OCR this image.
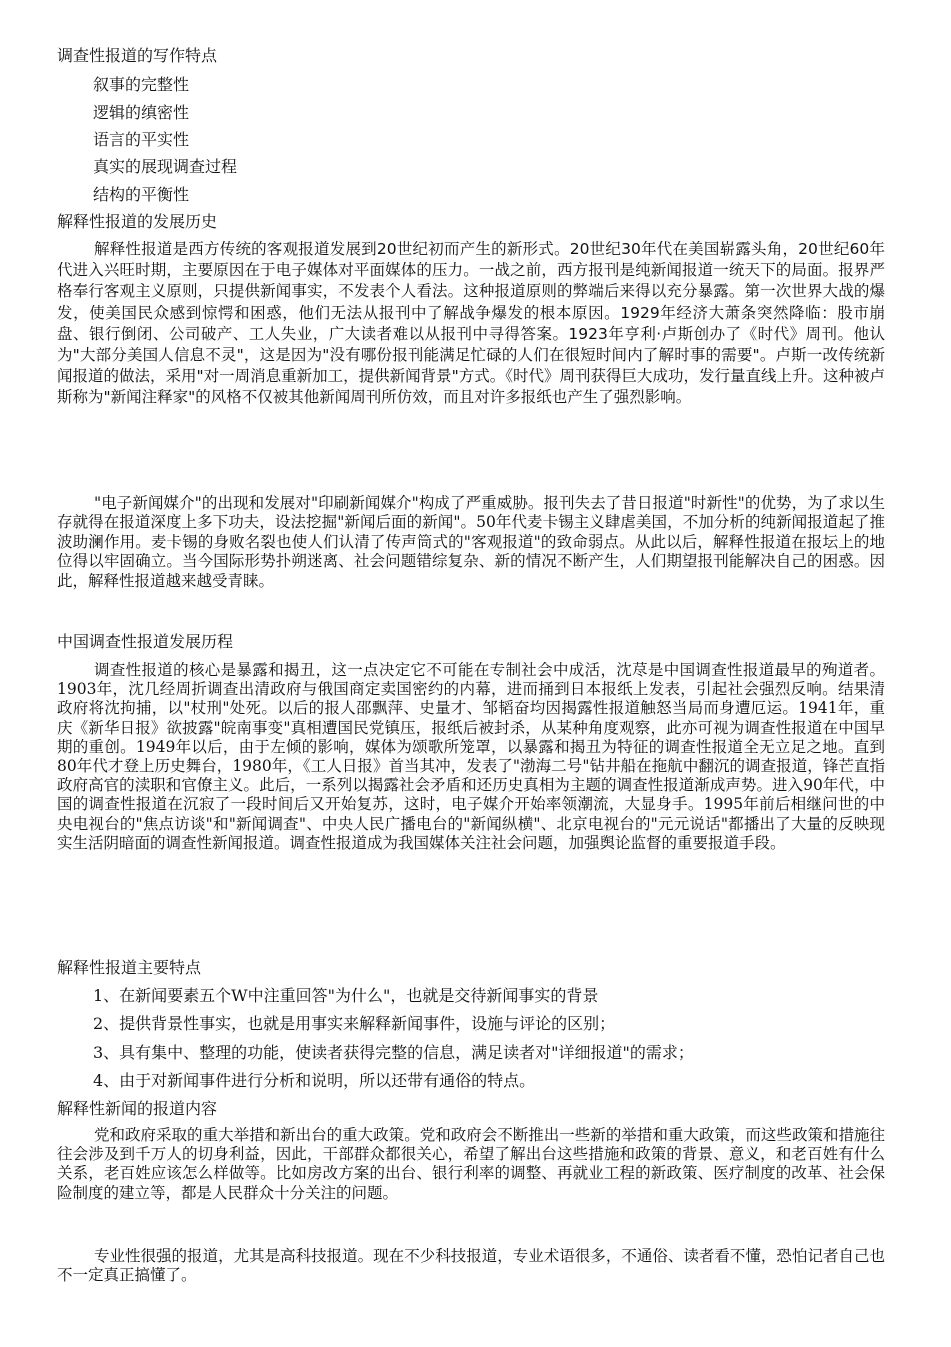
调查性报道的写作特点
叙事的完整性
逻辑的缜密性
语言的平实性
真实的展现调查过程
结构的平衡性
解释性报道的发展历史
解释性报道是西方传统的客观报道发展到20世纪初而产生的新形式。20世纪30年代在美国崭露头角，20世纪60年代进入兴旺时期，主要原因在于电子媒体对平面媒体的压力。一战之前，西方报刊是纯新闻报道一统天下的局面。报界严格奉行客观主义原则，只提供新闻事实，不发表个人看法。这种报道原则的弊端后来得以充分暴露。第一次世界大战的爆发，使美国民众感到惊愕和困惑，他们无法从报刊中了解战争爆发的根本原因。1929年经济大萧条突然降临：股市崩盘、银行倒闭、公司破产、工人失业，广大读者难以从报刊中寻得答案。1923年亨利·卢斯创办了《时代》周刊。他认为"大部分美国人信息不灵"，这是因为"没有哪份报刊能满足忙碌的人们在很短时间内了解时事的需要"。卢斯一改传统新闻报道的做法，采用"对一周消息重新加工，提供新闻背景"方式。《时代》周刊获得巨大成功，发行量直线上升。这种被卢斯称为"新闻注释家"的风格不仅被其他新闻周刊所仿效，而且对许多报纸也产生了强烈影响。
"电子新闻媒介"的出现和发展对"印刷新闻媒介"构成了严重威胁。报刊失去了昔日报道"时新性"的优势，为了求以生存就得在报道深度上多下功夫，设法挖掘"新闻后面的新闻"。50年代麦卡锡主义肆虐美国，不加分析的纯新闻报道起了推波助澜作用。麦卡锡的身败名裂也使人们认清了传声筒式的"客观报道"的致命弱点。从此以后，解释性报道在报坛上的地位得以牢固确立。当今国际形势扑朔迷离、社会问题错综复杂、新的情况不断产生，人们期望报刊能解决自己的困惑。因此，解释性报道越来越受青睐。
中国调查性报道发展历程
调查性报道的核心是暴露和揭丑，这一点决定它不可能在专制社会中成活，沈荩是中国调查性报道最早的殉道者。1903年，沈几经周折调查出清政府与俄国商定卖国密约的内幕，进而捅到日本报纸上发表，引起社会强烈反响。结果清政府将沈拘捕，以"杖刑"处死。以后的报人邵飘萍、史量才、邹韬奋均因揭露性报道触怒当局而身遭厄运。1941年，重庆《新华日报》欲披露"皖南事变"真相遭国民党镇压，报纸后被封杀，从某种角度观察，此亦可视为调查性报道在中国早期的重创。1949年以后，由于左倾的影响，媒体为颂歌所笼罩，以暴露和揭丑为特征的调查性报道全无立足之地。直到80年代才登上历史舞台，1980年，《工人日报》首当其冲，发表了"渤海二号"钻井船在拖航中翻沉的调查报道，锋芒直指政府高官的渎职和官僚主义。此后，一系列以揭露社会矛盾和还历史真相为主题的调查性报道渐成声势。进入90年代，中国的调查性报道在沉寂了一段时间后又开始复苏，这时，电子媒介开始率领潮流，大显身手。1995年前后相继问世的中央电视台的"焦点访谈"和"新闻调查"、中央人民广播电台的"新闻纵横"、北京电视台的"元元说话"都播出了大量的反映现实生活阴暗面的调查性新闻报道。调查性报道成为我国媒体关注社会问题，加强舆论监督的重要报道手段。
解释性报道主要特点
1、在新闻要素五个W中注重回答"为什么"，也就是交待新闻事实的背景
2、提供背景性事实，也就是用事实来解释新闻事件，设施与评论的区别；
3、具有集中、整理的功能，使读者获得完整的信息，满足读者对"详细报道"的需求；
4、由于对新闻事件进行分析和说明，所以还带有通俗的特点。
解释性新闻的报道内容
党和政府采取的重大举措和新出台的重大政策。党和政府会不断推出一些新的举措和重大政策，而这些政策和措施往往会涉及到千万人的切身利益，因此，干部群众都很关心，希望了解出台这些措施和政策的背景、意义，和老百姓有什么关系，老百姓应该怎么样做等。比如房改方案的出台、银行利率的调整、再就业工程的新政策、医疗制度的改革、社会保险制度的建立等，都是人民群众十分关注的问题。
专业性很强的报道，尤其是高科技报道。现在不少科技报道，专业术语很多，不通俗、读者看不懂，恐怕记者自己也不一定真正搞懂了。
